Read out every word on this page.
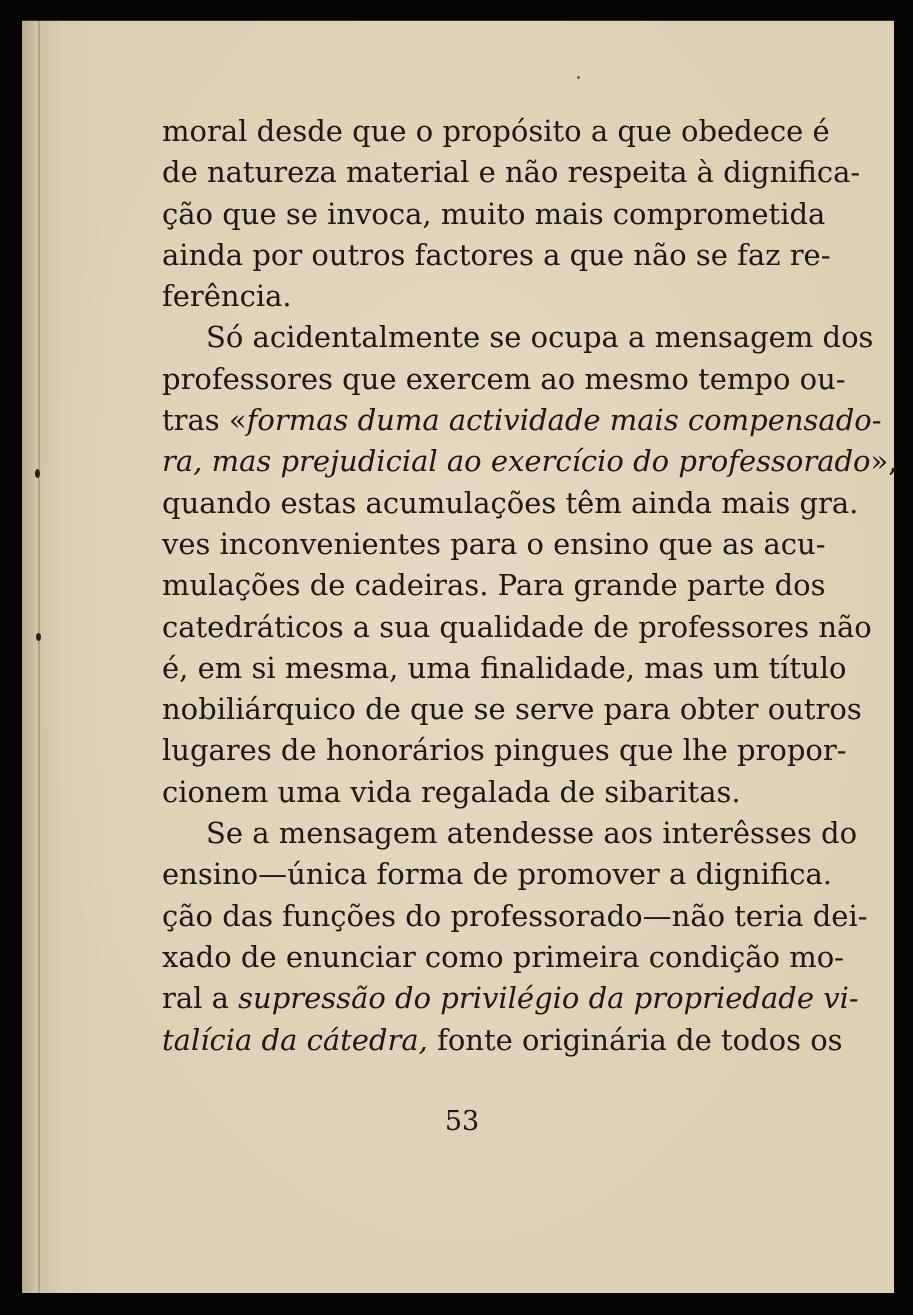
moral desde que o propósito a que obedece é
de natureza material e não respeita à dignifica-
ção que se invoca, muito mais comprometida
ainda por outros factores a que não se faz re-
ferência.
Só acidentalmente se ocupa a mensagem dos
professores que exercem ao mesmo tempo ou-
tras «formas duma actividade mais compensado-
ra, mas prejudicial ao exercício do professorado»,
quando estas acumulações têm ainda mais gra.
ves inconvenientes para o ensino que as acu-
mulações de cadeiras. Para grande parte dos
catedráticos a sua qualidade de professores não
é, em si mesma, uma finalidade, mas um título
nobiliárquico de que se serve para obter outros
lugares de honorários pingues que lhe propor-
cionem uma vida regalada de sibaritas.
Se a mensagem atendesse aos interêsses do
ensino—única forma de promover a dignifica.
ção das funções do professorado—não teria dei-
xado de enunciar como primeira condição mo-
ral a supressão do privilégio da propriedade vi-
talícia da cátedra, fonte originária de todos os
53
